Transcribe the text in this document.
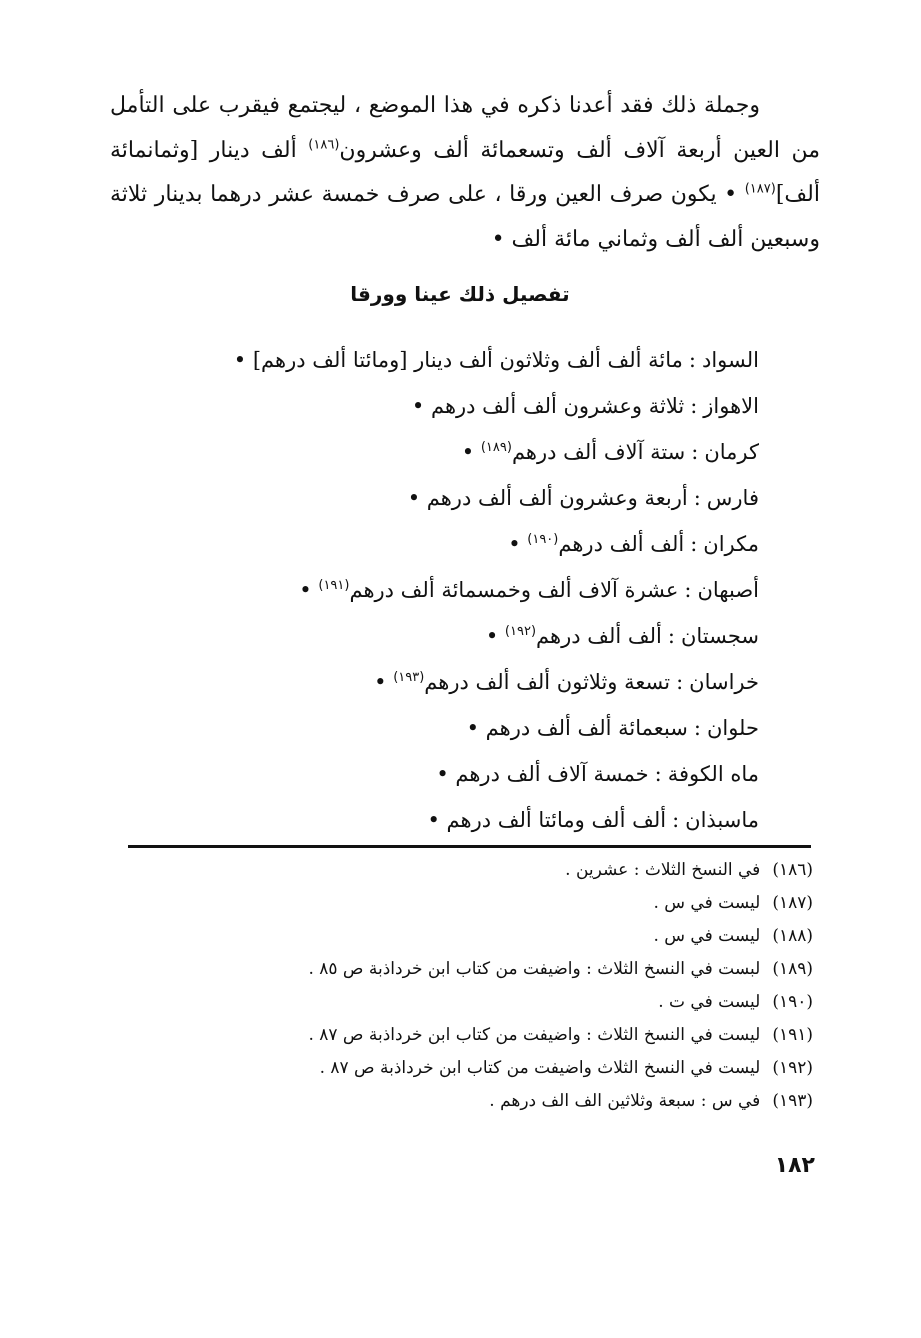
وجملة ذلك فقد أعدنا ذكره في هذا الموضع ، ليجتمع فيقرب على التأمل من العين أربعة آلاف ألف وتسعمائة ألف وعشرون$^{(١٨٦)}$ ألف دينار [وثمانمائة ألف]$^{(١٨٧)}$ • يكون صرف العين ورقا ، على صرف خمسة عشر درهما بدينار ثلاثة وسبعين ألف ألف وثماني مائة ألف •

تفصيل ذلك عينا وورقا
السواد:مائة ألف ألف وثلاثون ألف دينار [ومائتا ألف درهم] •
الاهواز:ثلاثة وعشرون ألف ألف درهم •
كرمان:ستة آلاف ألف درهم$^{(١٨٩)}$ •
فارس:أربعة وعشرون ألف ألف درهم •
مكران:ألف ألف درهم$^{(١٩٠)}$ •
أصبهان:عشرة آلاف ألف وخمسمائة ألف درهم$^{(١٩١)}$ •
سجستان:ألف ألف درهم$^{(١٩٢)}$ •
خراسان:تسعة وثلاثون ألف ألف درهم$^{(١٩٣)}$ •
حلوان:سبعمائة ألف ألف درهم •
ماه الكوفة:خمسة آلاف ألف درهم •
ماسبذان:ألف ألف ومائتا ألف درهم •
(١٨٦)في النسخ الثلاث : عشرين .
(١٨٧)ليست في س .
(١٨٨)ليست في س .
(١٨٩)لبست في النسخ الثلاث : واضيفت من كتاب ابن خرداذبة ص ٨٥ .
(١٩٠)ليست في ت .
(١٩١)ليست في النسخ الثلاث : واضيفت من كتاب ابن خرداذبة ص ٨٧ .
(١٩٢)ليست في النسخ الثلاث واضيفت من كتاب ابن خرداذبة ص ٨٧ .
(١٩٣)في س : سبعة وثلاثين الف الف درهم .

١٨٢
